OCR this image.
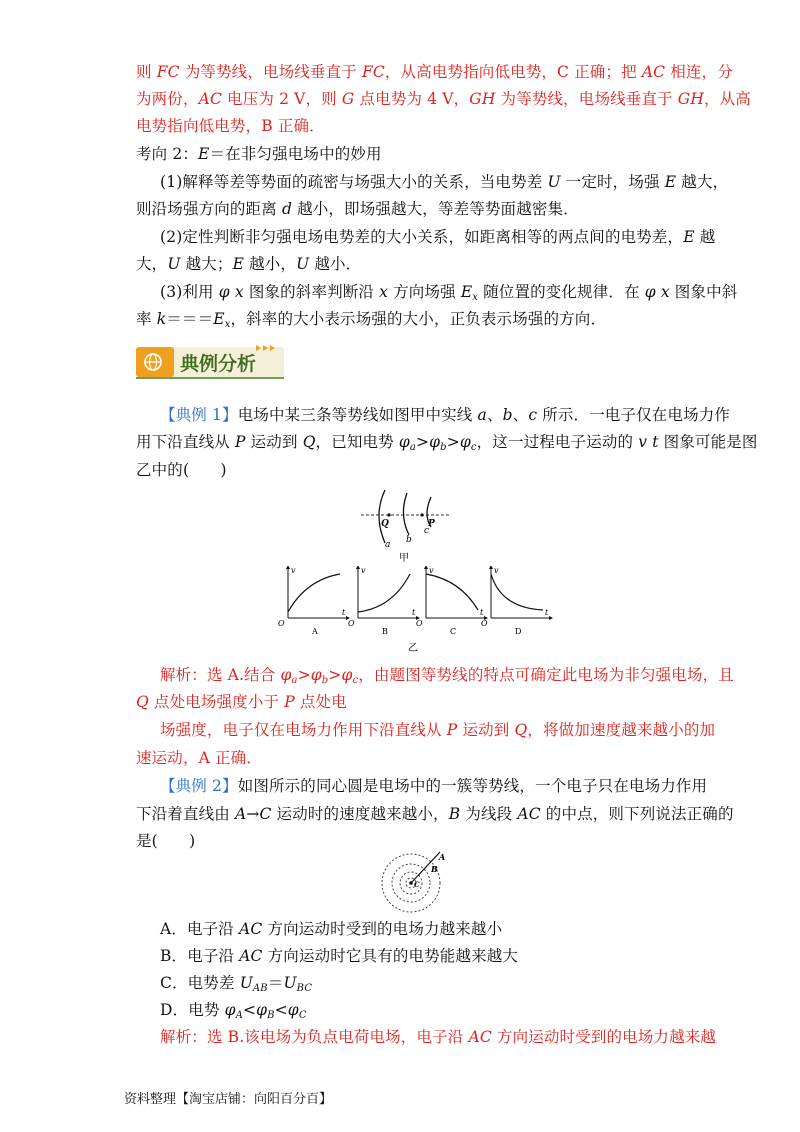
则 FC 为等势线，电场线垂直于 FC，从高电势指向低电势，C 正确；把 AC 相连，分
为两份，AC 电压为 2 V，则 G 点电势为 4 V，GH 为等势线，电场线垂直于 GH，从高
电势指向低电势，B 正确．
考向 2：E＝在非匀强电场中的妙用
(1)解释等差等势面的疏密与场强大小的关系，当电势差 U 一定时，场强 E 越大，
则沿场强方向的距离 d 越小，即场强越大，等差等势面越密集．
(2)定性判断非匀强电场电势差的大小关系，如距离相等的两点间的电势差，E 越
大，U 越大；E 越小，U 越小．
(3)利用 φ x 图象的斜率判断沿 x 方向场强 $E_x$ 随位置的变化规律．在 φ x 图象中斜
率 $k===E_x$，斜率的大小表示场强的大小，正负表示场强的方向．
典例分析
【典例 1】电场中某三条等势线如图甲中实线 a、b、c 所示．一电子仅在电场力作
用下沿直线从 P 运动到 Q，已知电势 $\varphi_a>\varphi_b>\varphi_c$，这一过程电子运动的 v t 图象可能是图
乙中的(　　)
Q	P
a b
c
甲
v
t
O
A
v
t
O
B
v
t
O
C
v
t
O
D
乙
解析：选 A.结合 $\varphi_a>\varphi_b>\varphi_c$，由题图等势线的特点可确定此电场为非匀强电场，且
Q 点处电场强度小于 P 点处电
场强度，电子仅在电场力作用下沿直线从 P 运动到 Q，将做加速度越来越小的加
速运动，A 正确．
【典例 2】如图所示的同心圆是电场中的一簇等势线，一个电子只在电场力作用
下沿着直线由 A→C 运动时的速度越来越小，B 为线段 AC 的中点，则下列说法正确的
是(　　)
A
B
C
A．电子沿 AC 方向运动时受到的电场力越来越小
B．电子沿 AC 方向运动时它具有的电势能越来越大
C．电势差 $U_{AB}=U_{BC}$
D．电势 $\varphi_A<\varphi_B<\varphi_C$
解析：选 B.该电场为负点电荷电场，电子沿 AC 方向运动时受到的电场力越来越
资料整理【淘宝店铺：向阳百分百】
